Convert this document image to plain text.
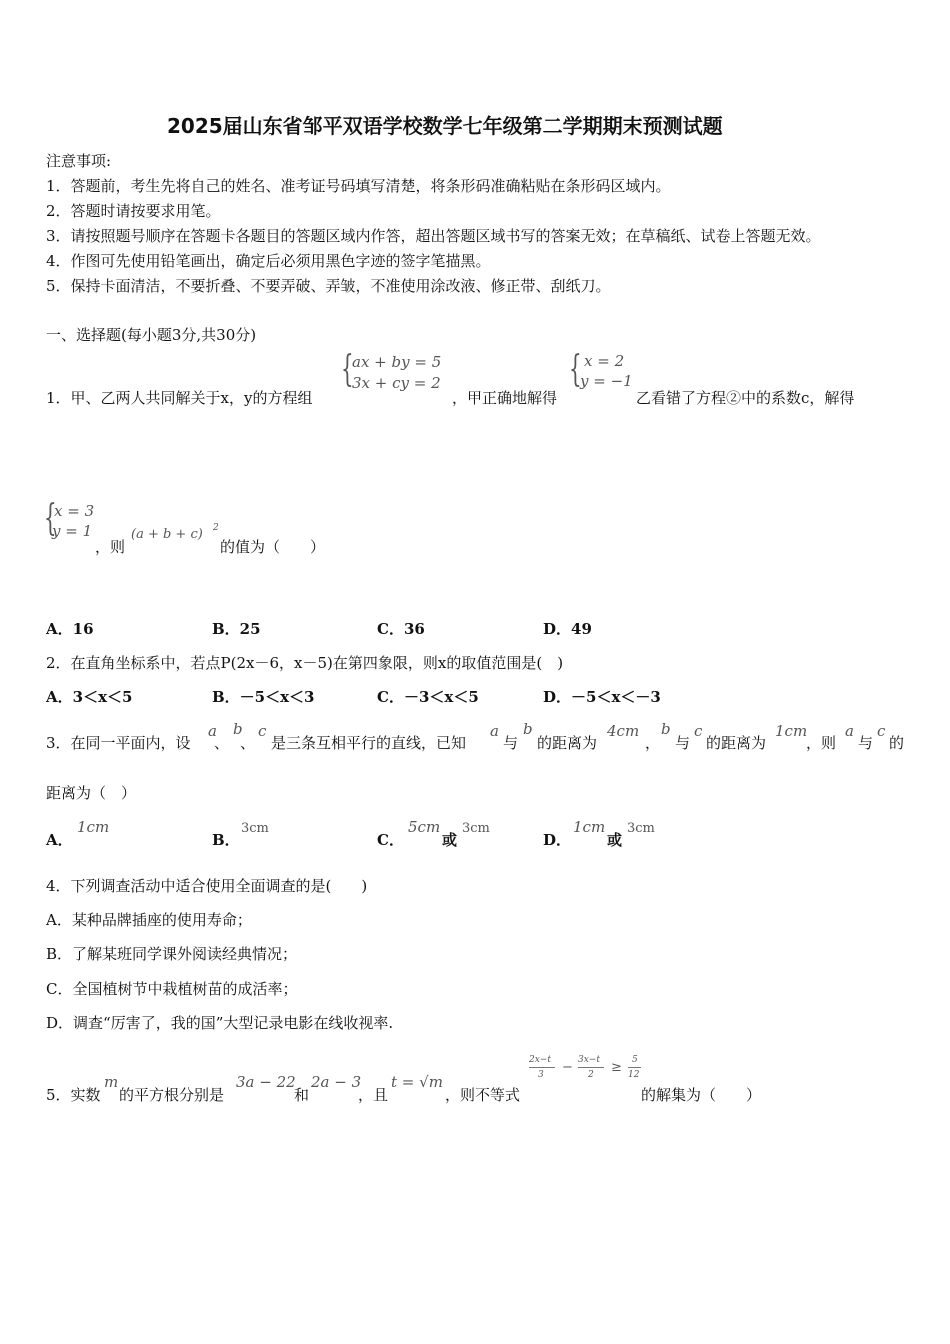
2025届山东省邹平双语学校数学七年级第二学期期末预测试题
注意事项:
1．答题前，考生先将自己的姓名、准考证号码填写清楚，将条形码准确粘贴在条形码区域内。
2．答题时请按要求用笔。
3．请按照题号顺序在答题卡各题目的答题区域内作答，超出答题区域书写的答案无效；在草稿纸、试卷上答题无效。
4．作图可先使用铅笔画出，确定后必须用黑色字迹的签字笔描黑。
5．保持卡面清洁，不要折叠、不要弄破、弄皱，不准使用涂改液、修正带、刮纸刀。
一、选择题(每小题3分,共30分)
1．甲、乙两人共同解关于x，y的方程组
{
ax + by = 5
3x + cy = 2
，甲正确地解得
{ x = 2
y = −1
乙看错了方程②中的系数c，解得
{
x = 3
y = 1
，则
(a + b + c) 2
的值为（　　）
A．16	B．25	C．36	D．49
2．在直角坐标系中，若点P(2x－6，x－5)在第四象限，则x的取值范围是(　)
A．3＜x＜5	B．－5＜x＜3	C．－3＜x＜5	D．－5＜x＜－3
3．在同一平面内，设
a
、
b
、
c
是三条互相平行的直线，已知
a
与
b
的距离为
4cm
，
b
与
c
的距离为
1cm
，则
a
与
c
的
距离为（　）
A．
1cm
B．
3cm
C．
5cm
或
3cm
D．
1cm
或
3cm
4．下列调查活动中适合使用全面调查的是(　　)
A．某种品牌插座的使用寿命；
B．了解某班同学课外阅读经典情况；
C．全国植树节中栽植树苗的成活率；
D．调查“厉害了，我的国”大型记录电影在线收视率.
5．实数
m
的平方根分别是
3a − 22
和
2a − 3
，且
t = √m
，则不等式
2x−t
3 − 3x−t
2 ≥ 5
12
的解集为（　　）
